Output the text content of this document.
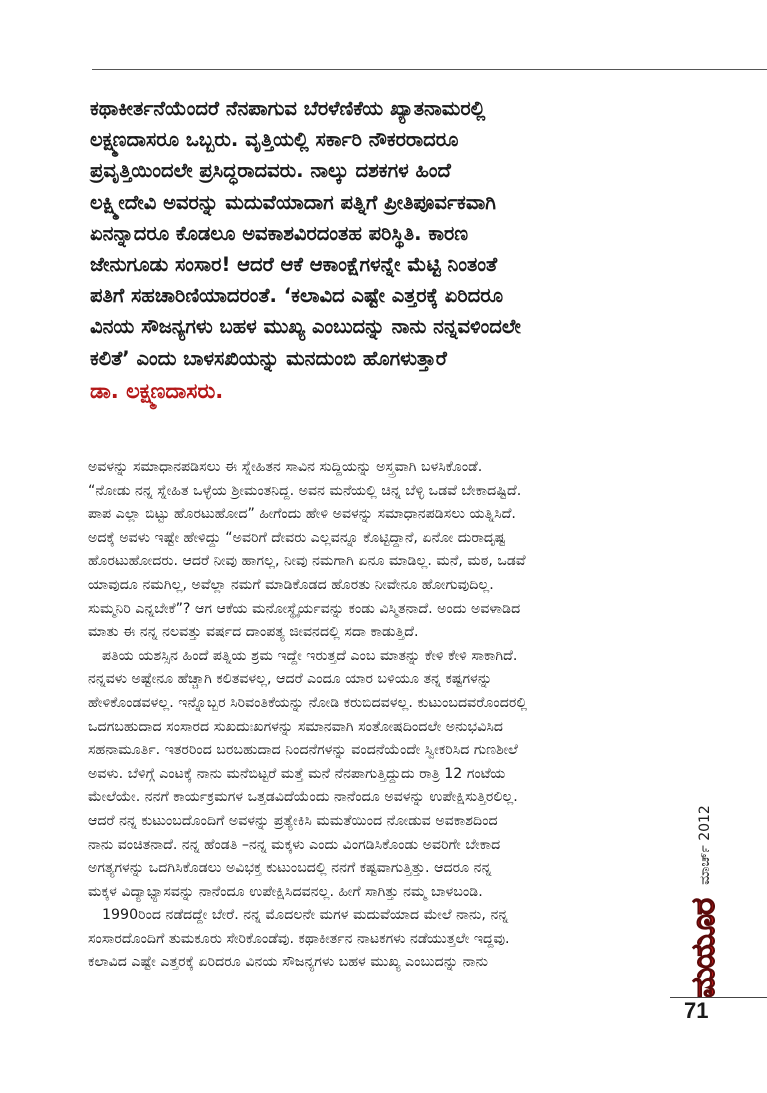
ಕಥಾಕೀರ್ತನೆಯೆಂದರೆ ನೆನಪಾಗುವ ಬೆರಳೆಣಿಕೆಯ ಖ್ಯಾತನಾಮರಲ್ಲಿ

ಲಕ್ಷ್ಮಣದಾಸರೂ ಒಬ್ಬರು. ವೃತ್ತಿಯಲ್ಲಿ ಸರ್ಕಾರಿ ನೌಕರರಾದರೂ

ಪ್ರವೃತ್ತಿಯಿಂದಲೇ ಪ್ರಸಿದ್ಧರಾದವರು. ನಾಲ್ಕು ದಶಕಗಳ ಹಿಂದೆ

ಲಕ್ಷ್ಮೀದೇವಿ ಅವರನ್ನು ಮದುವೆಯಾದಾಗ ಪತ್ನಿಗೆ ಪ್ರೀತಿಪೂರ್ವಕವಾಗಿ

ಏನನ್ನಾದರೂ ಕೊಡಲೂ ಅವಕಾಶವಿರದಂತಹ ಪರಿಸ್ಥಿತಿ. ಕಾರಣ

ಜೇನುಗೂಡು ಸಂಸಾರ! ಆದರೆ ಆಕೆ ಆಕಾಂಕ್ಷೆಗಳನ್ನೇ ಮೆಟ್ಟಿ ನಿಂತಂತೆ

ಪತಿಗೆ ಸಹಚಾರಿಣಿಯಾದರಂತೆ. ‘ಕಲಾವಿದ ಎಷ್ಟೇ ಎತ್ತರಕ್ಕೆ ಏರಿದರೂ

ವಿನಯ ಸೌಜನ್ಯಗಳು ಬಹಳ ಮುಖ್ಯ ಎಂಬುದನ್ನು ನಾನು ನನ್ನವಳಿಂದಲೇ

ಕಲಿತೆ’ ಎಂದು ಬಾಳಸಖಿಯನ್ನು ಮನದುಂಬಿ ಹೊಗಳುತ್ತಾರೆ

ಡಾ. ಲಕ್ಷ್ಮಣದಾಸರು.

ಅವಳನ್ನು ಸಮಾಧಾನಪಡಿಸಲು ಈ ಸ್ನೇಹಿತನ ಸಾವಿನ ಸುದ್ದಿಯನ್ನು ಅಸ್ತ್ರವಾಗಿ ಬಳಸಿಕೊಂಡೆ.

“ನೋಡು ನನ್ನ ಸ್ನೇಹಿತ ಒಳ್ಳೆಯ ಶ್ರೀಮಂತನಿದ್ದ. ಅವನ ಮನೆಯಲ್ಲಿ ಚಿನ್ನ ಬೆಳ್ಳಿ ಒಡವೆ ಬೇಕಾದಷ್ಟಿದೆ.

ಪಾಪ ಎಲ್ಲಾ ಬಿಟ್ಟು ಹೊರಟುಹೋದ” ಹೀಗೆಂದು ಹೇಳಿ ಅವಳನ್ನು ಸಮಾಧಾನಪಡಿಸಲು ಯತ್ನಿಸಿದೆ.

ಅದಕ್ಕೆ ಅವಳು ಇಷ್ಟೇ ಹೇಳಿದ್ದು “ಅವರಿಗೆ ದೇವರು ಎಲ್ಲವನ್ನೂ ಕೊಟ್ಟಿದ್ದಾನೆ, ಏನೋ ದುರಾದೃಷ್ಟ

ಹೊರಟುಹೋದರು. ಆದರೆ ನೀವು ಹಾಗಲ್ಲ, ನೀವು ನಮಗಾಗಿ ಏನೂ ಮಾಡಿಲ್ಲ. ಮನೆ, ಮಠ, ಒಡವೆ

ಯಾವುದೂ ನಮಗಿಲ್ಲ, ಅವೆಲ್ಲಾ ನಮಗೆ ಮಾಡಿಕೊಡದ ಹೊರತು ನೀವೇನೂ ಹೋಗುವುದಿಲ್ಲ.

ಸುಮ್ಮನಿರಿ ಎನ್ನಬೇಕೆ”? ಆಗ ಆಕೆಯ ಮನೋಸ್ಥೈರ್ಯವನ್ನು ಕಂಡು ವಿಸ್ಮಿತನಾದೆ. ಅಂದು ಅವಳಾಡಿದ

ಮಾತು ಈ ನನ್ನ ನಲವತ್ತು ವರ್ಷದ ದಾಂಪತ್ಯ ಜೀವನದಲ್ಲಿ ಸದಾ ಕಾಡುತ್ತಿದೆ.

ಪತಿಯ ಯಶಸ್ಸಿನ ಹಿಂದೆ ಪತ್ನಿಯ ಶ್ರಮ ಇದ್ದೇ ಇರುತ್ತದೆ ಎಂಬ ಮಾತನ್ನು ಕೇಳಿ ಕೇಳಿ ಸಾಕಾಗಿದೆ.

ನನ್ನವಳು ಅಷ್ಟೇನೂ ಹೆಚ್ಚಾಗಿ ಕಲಿತವಳಲ್ಲ, ಆದರೆ ಎಂದೂ ಯಾರ ಬಳಿಯೂ ತನ್ನ ಕಷ್ಟಗಳನ್ನು

ಹೇಳಿಕೊಂಡವಳಲ್ಲ. ಇನ್ನೊಬ್ಬರ ಸಿರಿವಂತಿಕೆಯನ್ನು ನೋಡಿ ಕರುಬಿದವಳಲ್ಲ. ಕುಟುಂಬದವರೊಂದರಲ್ಲಿ

ಒದಗಬಹುದಾದ ಸಂಸಾರದ ಸುಖದುಃಖಗಳನ್ನು ಸಮಾನವಾಗಿ ಸಂತೋಷದಿಂದಲೇ ಅನುಭವಿಸಿದ

ಸಹನಾಮೂರ್ತಿ. ಇತರರಿಂದ ಬರಬಹುದಾದ ನಿಂದನೆಗಳನ್ನು ವಂದನೆಯೆಂದೇ ಸ್ವೀಕರಿಸಿದ ಗುಣಶೀಲೆ

ಅವಳು. ಬೆಳಿಗ್ಗೆ ಎಂಟಕ್ಕೆ ನಾನು ಮನೆಬಿಟ್ಟರೆ ಮತ್ತೆ ಮನೆ ನೆನಪಾಗುತ್ತಿದ್ದುದು ರಾತ್ರಿ 12 ಗಂಟೆಯ

ಮೇಲೆಯೇ. ನನಗೆ ಕಾರ್ಯಕ್ರಮಗಳ ಒತ್ತಡವಿದೆಯೆಂದು ನಾನೆಂದೂ ಅವಳನ್ನು ಉಪೇಕ್ಷಿಸುತ್ತಿರಲಿಲ್ಲ.

ಆದರೆ ನನ್ನ ಕುಟುಂಬದೊಂದಿಗೆ ಅವಳನ್ನು ಪ್ರತ್ಯೇಕಿಸಿ ಮಮತೆಯಿಂದ ನೋಡುವ ಅವಕಾಶದಿಂದ

ನಾನು ವಂಚಿತನಾದೆ. ನನ್ನ ಹೆಂಡತಿ –ನನ್ನ ಮಕ್ಕಳು ಎಂದು ವಿಂಗಡಿಸಿಕೊಂಡು ಅವರಿಗೇ ಬೇಕಾದ

ಅಗತ್ಯಗಳನ್ನು ಒದಗಿಸಿಕೊಡಲು ಅವಿಭಕ್ತ ಕುಟುಂಬದಲ್ಲಿ ನನಗೆ ಕಷ್ಟವಾಗುತ್ತಿತ್ತು. ಆದರೂ ನನ್ನ

ಮಕ್ಕಳ ವಿದ್ಯಾಭ್ಯಾಸವನ್ನು ನಾನೆಂದೂ ಉಪೇಕ್ಷಿಸಿದವನಲ್ಲ. ಹೀಗೆ ಸಾಗಿತ್ತು ನಮ್ಮ ಬಾಳಬಂಡಿ.

1990ರಿಂದ ನಡೆದದ್ದೇ ಬೇರೆ. ನನ್ನ ಮೊದಲನೇ ಮಗಳ ಮದುವೆಯಾದ ಮೇಲೆ ನಾನು, ನನ್ನ

ಸಂಸಾರದೊಂದಿಗೆ ತುಮಕೂರು ಸೇರಿಕೊಂಡೆವು. ಕಥಾಕೀರ್ತನ ನಾಟಕಗಳು ನಡೆಯುತ್ತಲೇ ಇದ್ದವು.

ಕಲಾವಿದ ಎಷ್ಟೇ ಎತ್ತರಕ್ಕೆ ಏರಿದರೂ ವಿನಯ ಸೌಜನ್ಯಗಳು ಬಹಳ ಮುಖ್ಯ ಎಂಬುದನ್ನು ನಾನು

ಮಾರ್ಚ್ 2012
ಮಯೂರ
71
